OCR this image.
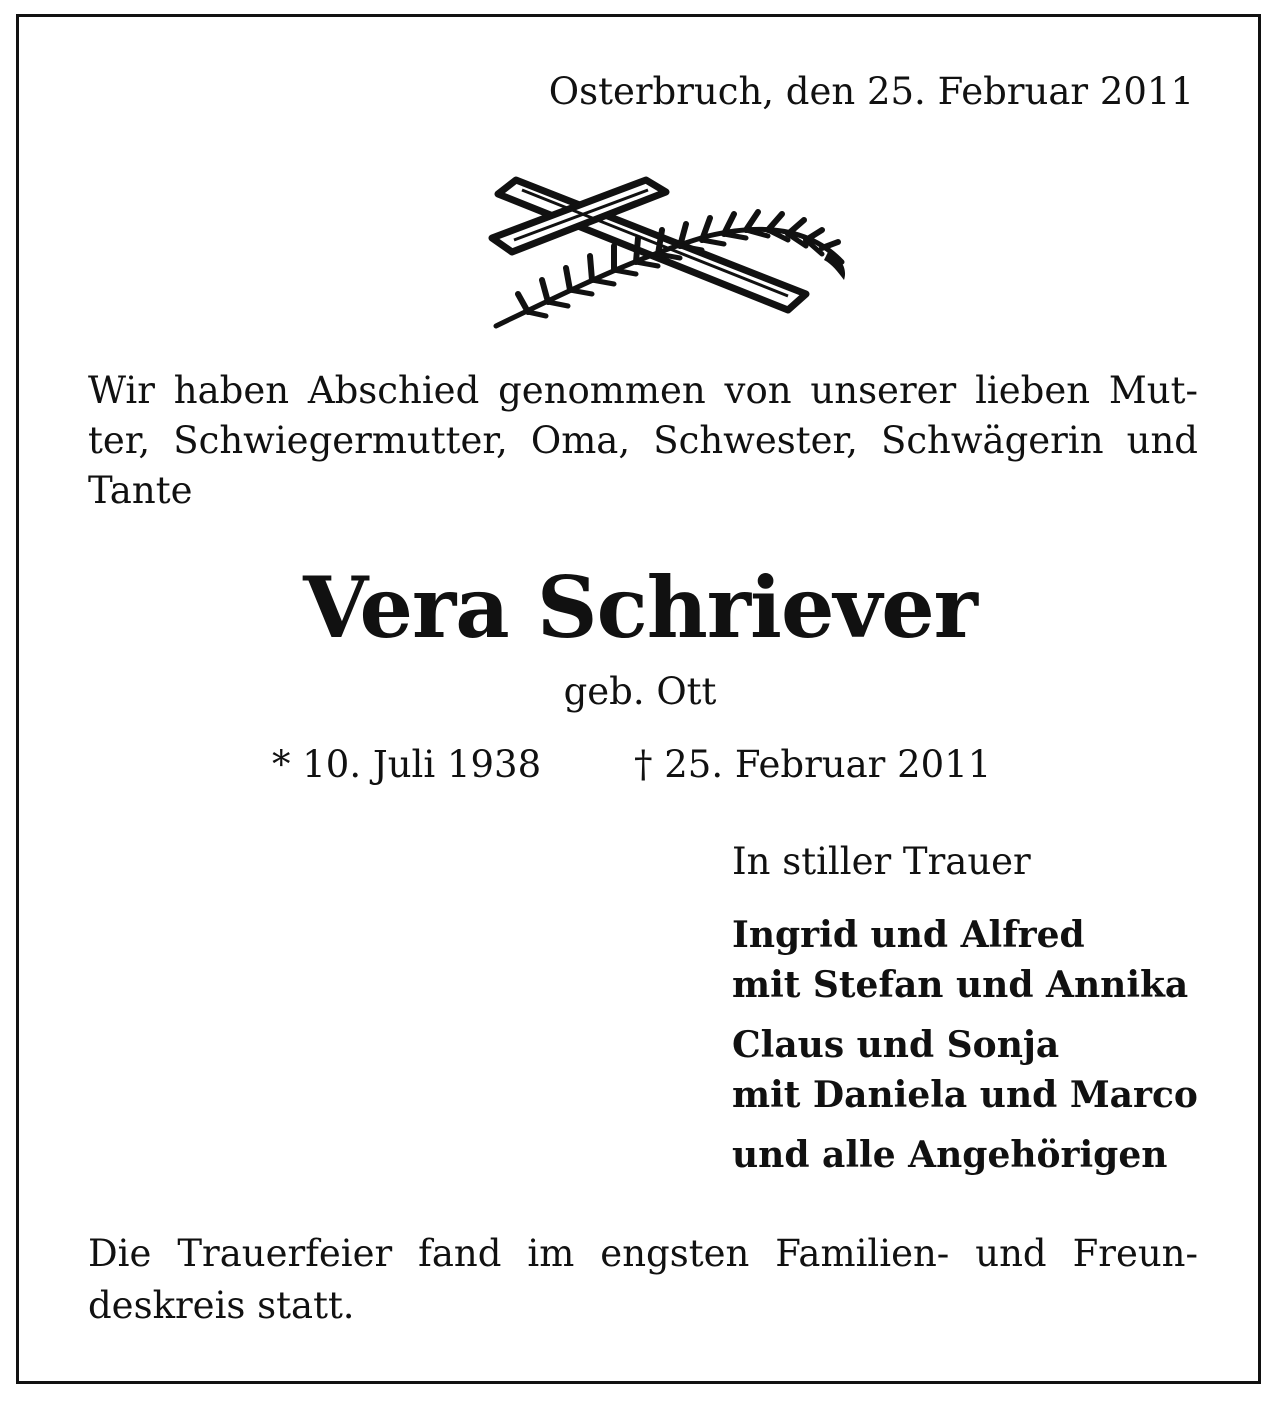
Osterbruch, den 25. Februar 2011
Wir haben Abschied genommen von unserer lieben Mut-
ter, Schwiegermutter, Oma, Schwester, Schwägerin und
Tante
Vera Schriever
geb. Ott
* 10. Juli 1938	† 25. Februar 2011
In stiller Trauer
Ingrid und Alfred
mit Stefan und Annika
Claus und Sonja
mit Daniela und Marco
und alle Angehörigen
Die Trauerfeier fand im engsten Familien- und Freun-
deskreis statt.
